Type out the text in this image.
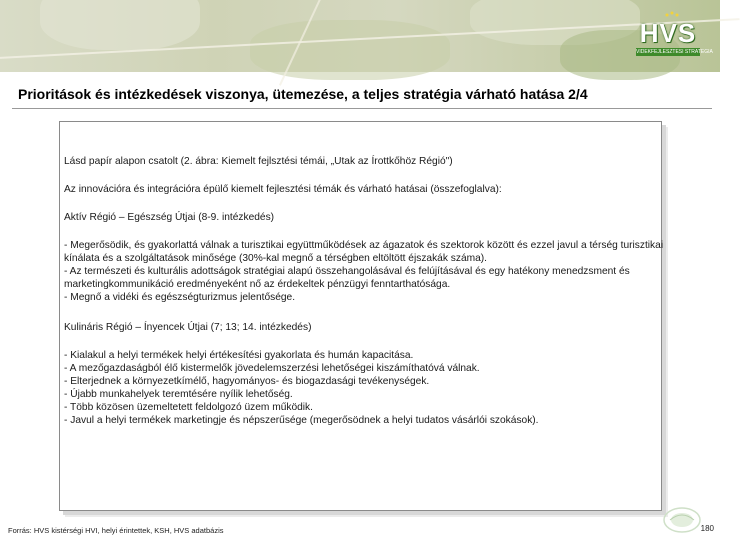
HVS
VIDEKFEJLESZTESI STRATEGIA
Prioritások és intézkedések viszonya, ütemezése, a teljes stratégia várható hatása 2/4

Lásd papír alapon csatolt (2. ábra: Kiemelt fejlsztési témái, „Utak az Írottkőhöz Régió")

Az innovációra és integrációra épülő kiemelt fejlesztési témák és várható hatásai (összefoglalva):

Aktív Régió – Egészség Útjai (8-9. intézkedés)

- Megerősödik, és gyakorlattá válnak a turisztikai együttműködések az ágazatok és szektorok között és ezzel javul a térség turisztikai kínálata és a szolgáltatások minősége (30%-kal megnő a térségben eltöltött éjszakák száma).

- Az természeti és kulturális adottságok stratégiai alapú összehangolásával és felújításával és egy hatékony menedzsment és marketingkommunikáció eredményeként nő az érdekeltek pénzügyi fenntarthatósága.

- Megnő a vidéki és egészségturizmus jelentősége.

Kulináris Régió – Ínyencek Útjai (7; 13; 14. intézkedés)

- Kialakul a helyi termékek helyi értékesítési gyakorlata és humán kapacitása.

- A mezőgazdaságból élő kistermelők jövedelemszerzési lehetőségei kiszámíthatóvá válnak.

- Elterjednek a környezetkímélő, hagyományos- és biogazdasági tevékenységek.

- Újabb munkahelyek teremtésére nyílik lehetőség.

- Több közösen üzemeltetett feldolgozó üzem működik.

- Javul a helyi termékek marketingje és népszerűsége (megerősödnek a helyi tudatos vásárlói szokások).

Forrás: HVS kistérségi HVI, helyi érintettek, KSH, HVS adatbázis	180
